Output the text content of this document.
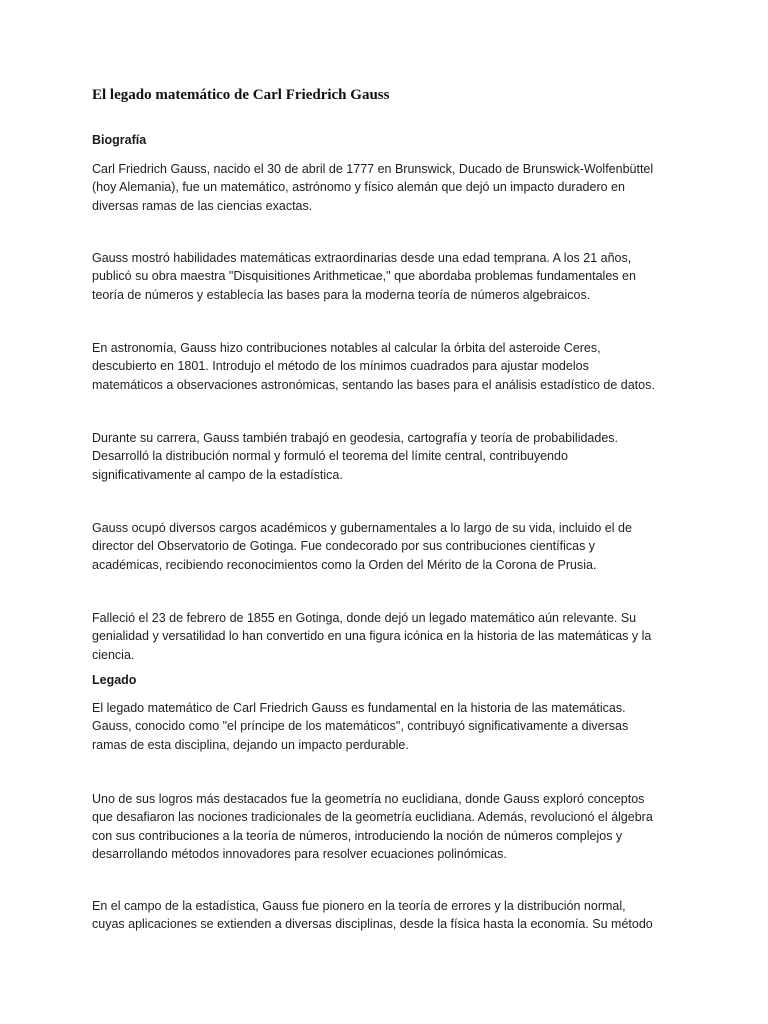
El legado matemático de Carl Friedrich Gauss
Biografía

Carl Friedrich Gauss, nacido el 30 de abril de 1777 en Brunswick, Ducado de Brunswick-Wolfenbüttel
(hoy Alemania), fue un matemático, astrónomo y físico alemán que dejó un impacto duradero en
diversas ramas de las ciencias exactas.

Gauss mostró habilidades matemáticas extraordinarias desde una edad temprana. A los 21 años,
publicó su obra maestra "Disquisitiones Arithmeticae," que abordaba problemas fundamentales en
teoría de números y establecía las bases para la moderna teoría de números algebraicos.

En astronomía, Gauss hizo contribuciones notables al calcular la órbita del asteroide Ceres,
descubierto en 1801. Introdujo el método de los mínimos cuadrados para ajustar modelos
matemáticos a observaciones astronómicas, sentando las bases para el análisis estadístico de datos.

Durante su carrera, Gauss también trabajó en geodesia, cartografía y teoría de probabilidades.
Desarrolló la distribución normal y formuló el teorema del límite central, contribuyendo
significativamente al campo de la estadística.

Gauss ocupó diversos cargos académicos y gubernamentales a lo largo de su vida, incluido el de
director del Observatorio de Gotinga. Fue condecorado por sus contribuciones científicas y
académicas, recibiendo reconocimientos como la Orden del Mérito de la Corona de Prusia.

Falleció el 23 de febrero de 1855 en Gotinga, donde dejó un legado matemático aún relevante. Su
genialidad y versatilidad lo han convertido en una figura icónica en la historia de las matemáticas y la
ciencia.

Legado

El legado matemático de Carl Friedrich Gauss es fundamental en la historia de las matemáticas.
Gauss, conocido como "el príncipe de los matemáticos", contribuyó significativamente a diversas
ramas de esta disciplina, dejando un impacto perdurable.

Uno de sus logros más destacados fue la geometría no euclidiana, donde Gauss exploró conceptos
que desafiaron las nociones tradicionales de la geometría euclidiana. Además, revolucionó el álgebra
con sus contribuciones a la teoría de números, introduciendo la noción de números complejos y
desarrollando métodos innovadores para resolver ecuaciones polinómicas.

En el campo de la estadística, Gauss fue pionero en la teoría de errores y la distribución normal,
cuyas aplicaciones se extienden a diversas disciplinas, desde la física hasta la economía. Su método
